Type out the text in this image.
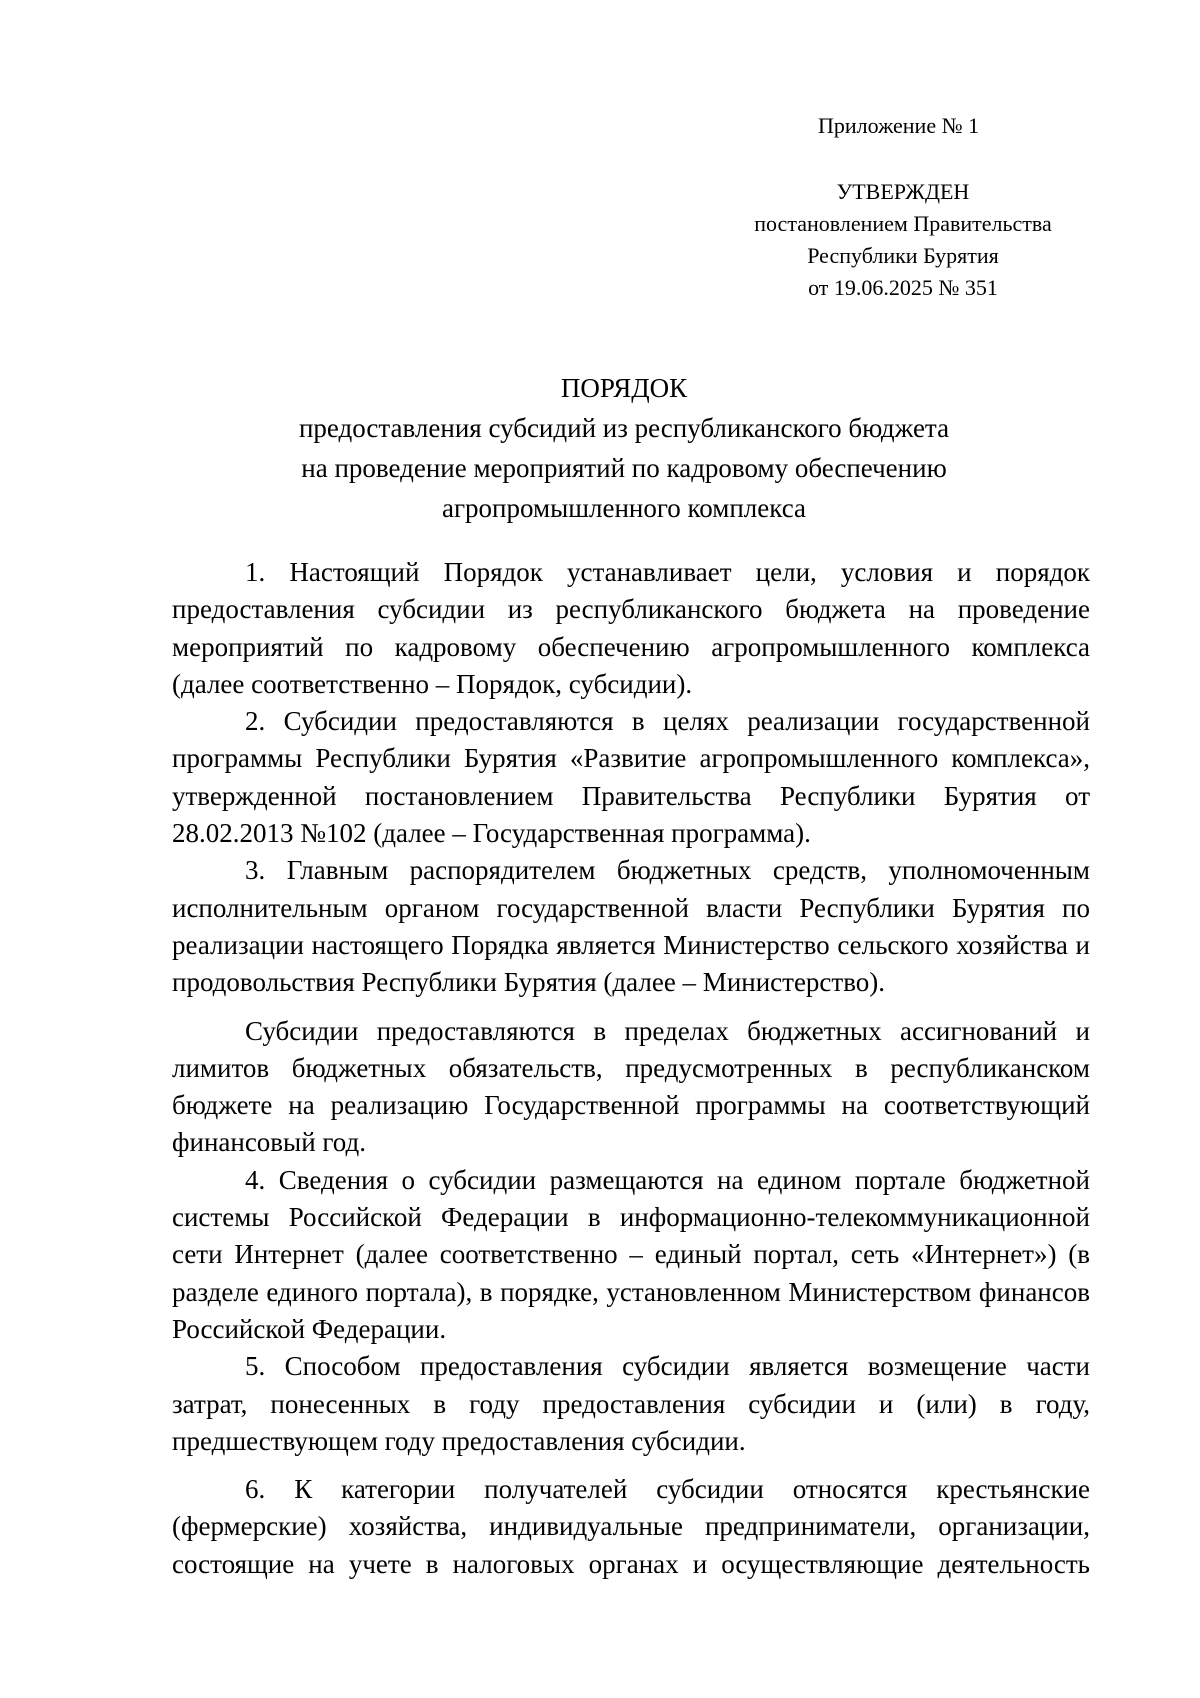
Приложение № 1
УТВЕРЖДЕН
постановлением Правительства
Республики Бурятия
от 19.06.2025 № 351
ПОРЯДОК
предоставления субсидий из республиканского бюджета
на проведение мероприятий по кадровому обеспечению
агропромышленного комплекса

1. Настоящий Порядок устанавливает цели, условия и порядок предоставления субсидии из республиканского бюджета на проведение мероприятий по кадровому обеспечению агропромышленного комплекса (далее соответственно – Порядок, субсидии).

2. Субсидии предоставляются в целях реализации государственной программы Республики Бурятия «Развитие агропромышленного комплекса», утвержденной постановлением Правительства Республики Бурятия от 28.02.2013 №102 (далее – Государственная программа).

3. Главным распорядителем бюджетных средств, уполномоченным исполнительным органом государственной власти Республики Бурятия по реализации настоящего Порядка является Министерство сельского хозяйства и продовольствия Республики Бурятия (далее – Министерство).

Субсидии предоставляются в пределах бюджетных ассигнований и лимитов бюджетных обязательств, предусмотренных в республиканском бюджете на реализацию Государственной программы на соответствующий финансовый год.

4. Сведения о субсидии размещаются на едином портале бюджетной системы Российской Федерации в информационно-телекоммуникационной сети Интернет (далее соответственно – единый портал, сеть «Интернет») (в разделе единого портала), в порядке, установленном Министерством финансов Российской Федерации.

5. Способом предоставления субсидии является возмещение части затрат, понесенных в году предоставления субсидии и (или) в году, предшествующем году предоставления субсидии.

6. К категории получателей субсидии относятся крестьянские (фермерские) хозяйства, индивидуальные предприниматели, организации, состоящие на учете в налоговых органах и осуществляющие деятельность
